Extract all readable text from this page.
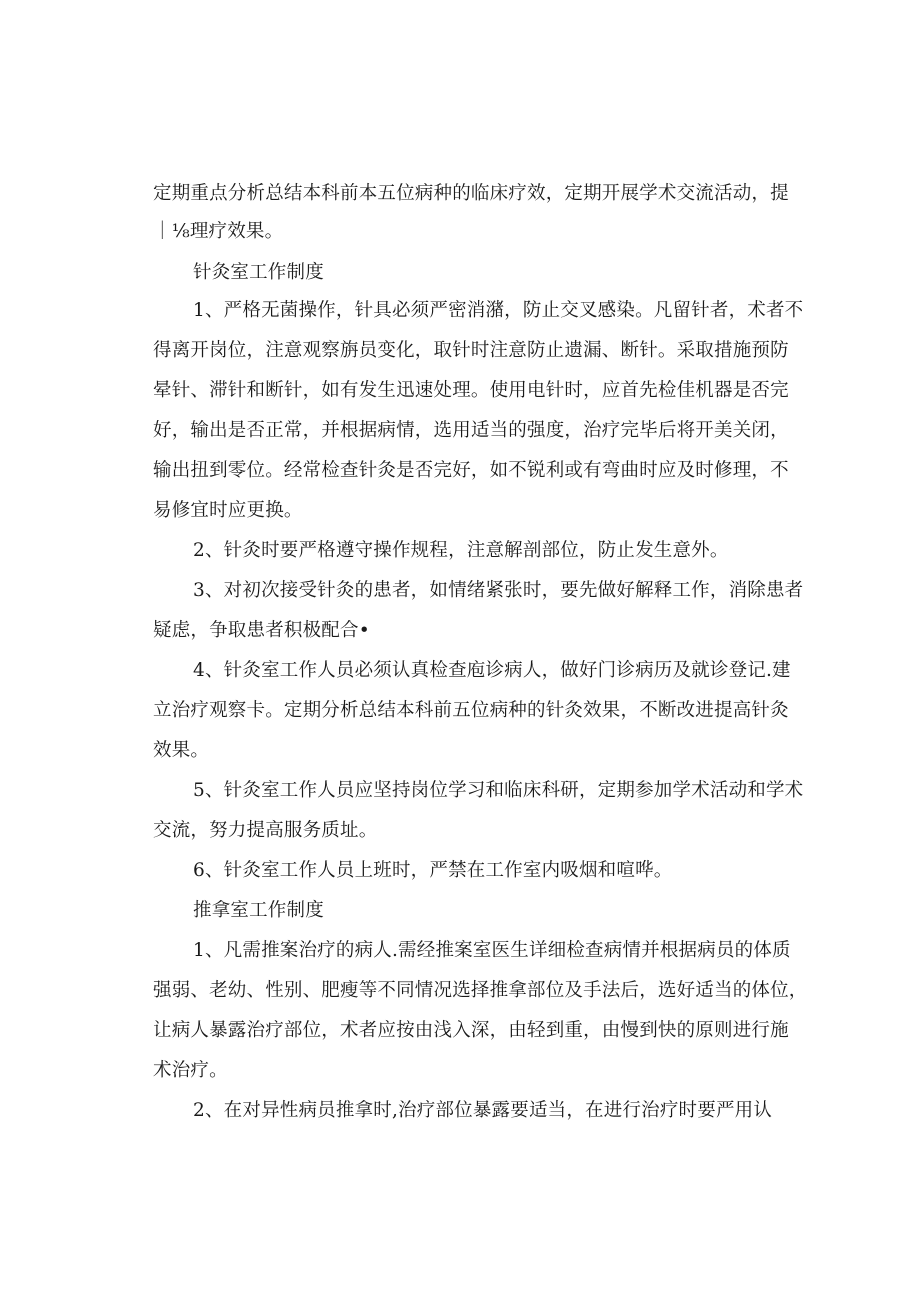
定期重点分析总结本科前本五位病种的临床疗效，定期开展学术交流活动，提
｜⅛理疗效果。
针灸室工作制度
1、严格无菌操作，针具必须严密消潴，防止交叉感染。凡留针者，术者不
得离开岗位，注意观察旃员变化，取针时注意防止遗漏、断针。采取措施预防
晕针、滞针和断针，如有发生迅速处理。使用电针时，应首先检佳机器是否完
好，输出是否正常，并根据病情，选用适当的强度，治疗完毕后将开美关闭，
输出扭到零位。经常检查针灸是否完好，如不锐利或有弯曲时应及时修理，不
易修宜时应更换。
2、针灸时要严格遵守操作规程，注意解剖部位，防止发生意外。
3、对初次接受针灸的患者，如情绪紧张时，要先做好解释工作，消除患者
疑虑，争取患者积极配合•
4、针灸室工作人员必须认真检查庖诊病人，做好门诊病历及就诊登记.建
立治疗观察卡。定期分析总结本科前五位病种的针灸效果，不断改进提高针灸
效果。
5、针灸室工作人员应坚持岗位学习和临床科研，定期参加学术活动和学术
交流，努力提高服务质址。
6、针灸室工作人员上班时，严禁在工作室内吸烟和喧哗。
推拿室工作制度
1、凡需推案治疗的病人.需经推案室医生详细检查病情并根据病员的体质
强弱、老幼、性别、肥瘦等不同情况选择推拿部位及手法后，选好适当的体位，
让病人暴露治疗部位，术者应按由浅入深，由轻到重，由慢到快的原则进行施
术治疗。
2、在对异性病员推拿时,治疗部位暴露要适当，在进行治疗时要严用认
